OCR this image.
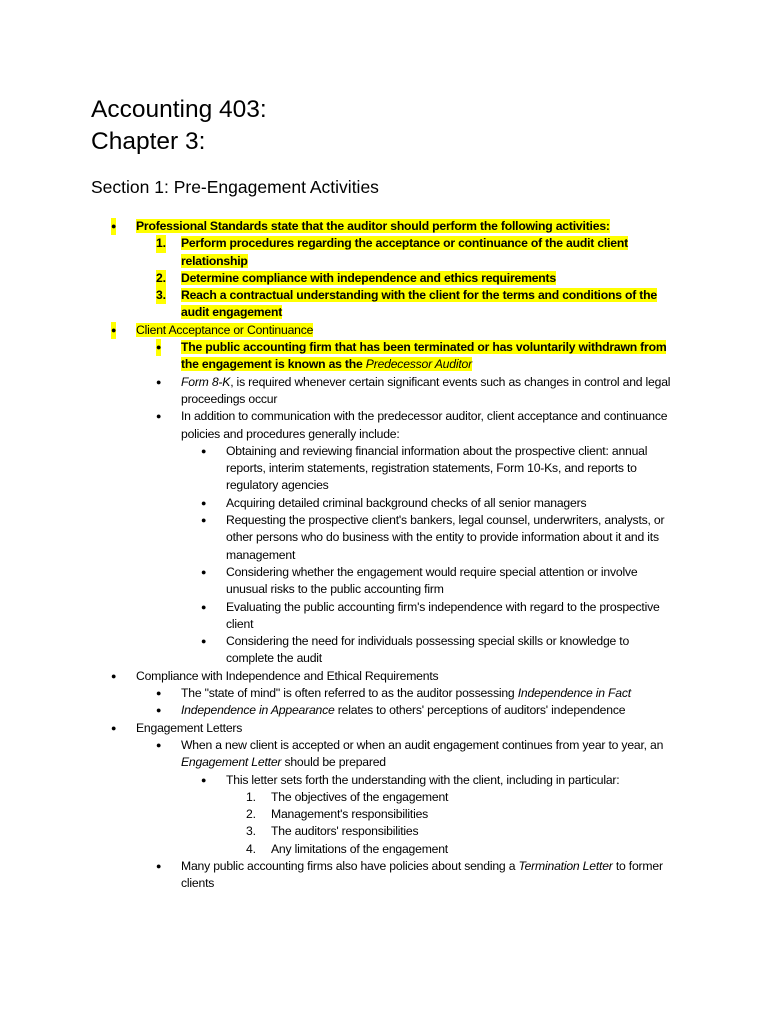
Accounting 403:
Chapter 3:
Section 1: Pre-Engagement Activities
● Professional Standards state that the auditor should perform the following activities:
1. Perform procedures regarding the acceptance or continuance of the audit client relationship
2. Determine compliance with independence and ethics requirements
3. Reach a contractual understanding with the client for the terms and conditions of the audit engagement
● Client Acceptance or Continuance
● The public accounting firm that has been terminated or has voluntarily withdrawn from the engagement is known as the Predecessor Auditor
● Form 8-K, is required whenever certain significant events such as changes in control and legal proceedings occur
● In addition to communication with the predecessor auditor, client acceptance and continuance policies and procedures generally include:
● Obtaining and reviewing financial information about the prospective client: annual reports, interim statements, registration statements, Form 10-Ks, and reports to regulatory agencies
● Acquiring detailed criminal background checks of all senior managers
● Requesting the prospective client's bankers, legal counsel, underwriters, analysts, or other persons who do business with the entity to provide information about it and its management
● Considering whether the engagement would require special attention or involve unusual risks to the public accounting firm
● Evaluating the public accounting firm's independence with regard to the prospective client
● Considering the need for individuals possessing special skills or knowledge to complete the audit
● Compliance with Independence and Ethical Requirements
● The "state of mind" is often referred to as the auditor possessing Independence in Fact
● Independence in Appearance relates to others' perceptions of auditors' independence
● Engagement Letters
● When a new client is accepted or when an audit engagement continues from year to year, an Engagement Letter should be prepared
● This letter sets forth the understanding with the client, including in particular:
1. The objectives of the engagement
2. Management's responsibilities
3. The auditors' responsibilities
4. Any limitations of the engagement
● Many public accounting firms also have policies about sending a Termination Letter to former clients
